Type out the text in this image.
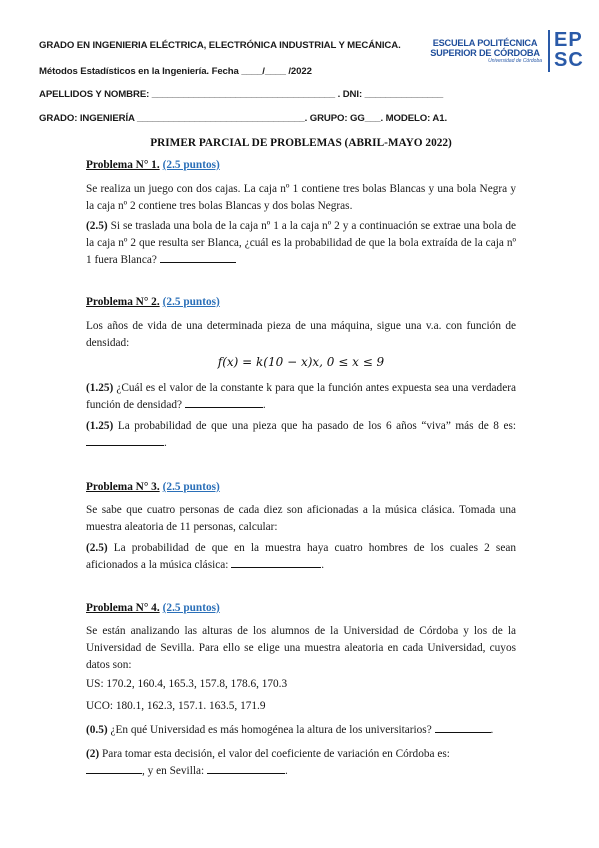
GRADO EN INGENIERIA ELÉCTRICA, ELECTRÓNICA INDUSTRIAL Y MECÁNICA.
Métodos Estadísticos en la Ingeniería. Fecha ____/____ /2022
APELLIDOS Y NOMBRE: ___________________________________ . DNI: _______________
GRADO: INGENIERÍA ________________________________. GRUPO: GG___. MODELO: A1.
ESCUELA POLITÉCNICA
SUPERIOR DE CÓRDOBA
Universidad de Córdoba
EP
SC
PRIMER PARCIAL DE PROBLEMAS (ABRIL-MAYO 2022)
Problema N° 1. (2.5 puntos)
Se realiza un juego con dos cajas. La caja nº 1 contiene tres bolas Blancas y una bola Negra y la caja nº 2 contiene tres bolas Blancas y dos bolas Negras.
(2.5) Si se traslada una bola de la caja nº 1 a la caja nº 2 y a continuación se extrae una bola de la caja nº 2 que resulta ser Blanca, ¿cuál es la probabilidad de que la bola extraída de la caja nº 1 fuera Blanca?
Problema N° 2. (2.5 puntos)
Los años de vida de una determinada pieza de una máquina, sigue una v.a. con función de densidad:
f(x) = k(10 − x)x, 0 ≤ x ≤ 9
(1.25) ¿Cuál es el valor de la constante k para que la función antes expuesta sea una verdadera función de densidad?	.
(1.25) La probabilidad de que una pieza que ha pasado de los 6 años “viva” más de 8 es: .
Problema N° 3. (2.5 puntos)
Se sabe que cuatro personas de cada diez son aficionadas a la música clásica. Tomada una muestra aleatoria de 11 personas, calcular:
(2.5) La probabilidad de que en la muestra haya cuatro hombres de los cuales 2 sean aficionados a la música clásica:	.
Problema N° 4. (2.5 puntos)
Se están analizando las alturas de los alumnos de la Universidad de Córdoba y los de la Universidad de Sevilla. Para ello se elige una muestra aleatoria en cada Universidad, cuyos datos son:
US: 170.2, 160.4, 165.3, 157.8, 178.6, 170.3
UCO: 180.1, 162.3, 157.1. 163.5, 171.9
(0.5) ¿En qué Universidad es más homogénea la altura de los universitarios?	.
(2) Para tomar esta decisión, el valor del coeficiente de variación en Córdoba es:
, y en Sevilla:	.
